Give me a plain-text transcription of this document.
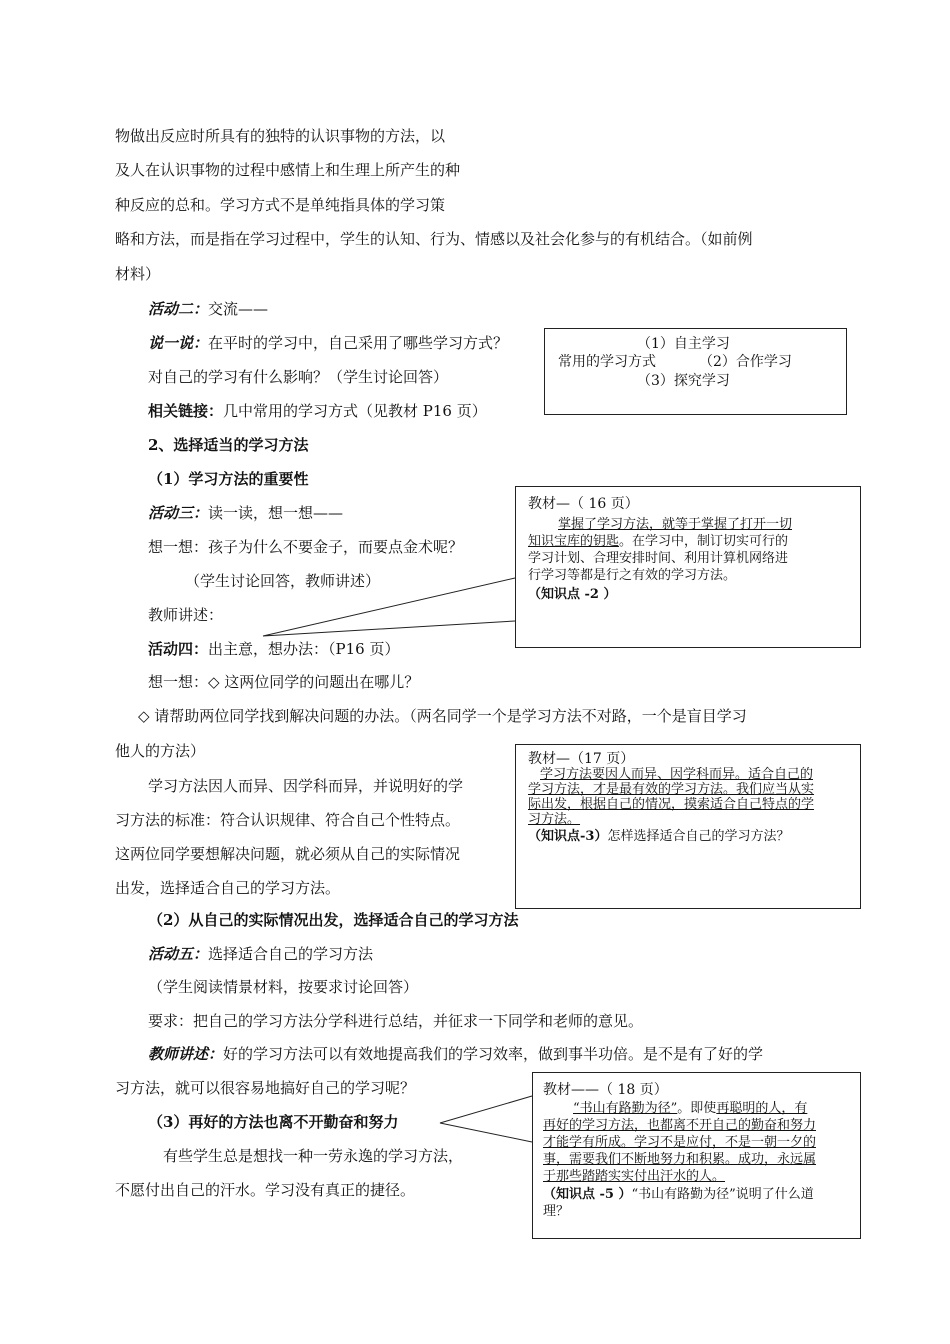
物做出反应时所具有的独特的认识事物的方法，以
及人在认识事物的过程中感情上和生理上所产生的种
种反应的总和。学习方式不是单纯指具体的学习策
略和方法，而是指在学习过程中，学生的认知、行为、情感以及社会化参与的有机结合。（如前例
材料）
活动二：交流——
说一说：在平时的学习中，自己采用了哪些学习方式？
对自己的学习有什么影响？（学生讨论回答）
相关链接：几中常用的学习方式（见教材 P16 页）
2、选择适当的学习方法
（1）学习方法的重要性
活动三：读一读，想一想——
想一想：孩子为什么不要金子，而要点金术呢？
（学生讨论回答，教师讲述）
教师讲述：
活动四：出主意，想办法：（P16 页）
想一想：◇ 这两位同学的问题出在哪儿？
◇ 请帮助两位同学找到解决问题的办法。（两名同学一个是学习方法不对路，一个是盲目学习
他人的方法）
学习方法因人而异、因学科而异，并说明好的学
习方法的标准：符合认识规律、符合自己个性特点。
这两位同学要想解决问题，就必须从自己的实际情况
出发，选择适合自己的学习方法。
（2）从自己的实际情况出发，选择适合自己的学习方法
活动五：选择适合自己的学习方法
（学生阅读情景材料，按要求讨论回答）
要求：把自己的学习方法分学科进行总结，并征求一下同学和老师的意见。
教师讲述：好的学习方法可以有效地提高我们的学习效率，做到事半功倍。是不是有了好的学
习方法，就可以很容易地搞好自己的学习呢？
（3）再好的方法也离不开勤奋和努力
有些学生总是想找一种一劳永逸的学习方法，
不愿付出自己的汗水。学习没有真正的捷径。
（1）自主学习
常用的学习方式	（2）合作学习
（3）探究学习
教材—（ 16 页）
掌握了学习方法，就等于掌握了打开一切
知识宝库的钥匙。在学习中，制订切实可行的
学习计划、合理安排时间、利用计算机网络进
行学习等都是行之有效的学习方法。
（知识点 -2 ）
教材—（17 页）
学习方法要因人而异、因学科而异。适合自己的
学习方法，才是最有效的学习方法。我们应当从实
际出发，根据自己的情况，摸索适合自己特点的学
习方法。
（知识点-3）怎样选择适合自己的学习方法？
教材——（ 18 页）
“书山有路勤为径”。即使再聪明的人，有
再好的学习方法，也都离不开自己的勤奋和努力
才能学有所成。学习不是应付，不是一朝一夕的
事，需要我们不断地努力和积累。成功，永远属
于那些踏踏实实付出汗水的人。
（知识点 -5 ）“书山有路勤为径”说明了什么道
理？
